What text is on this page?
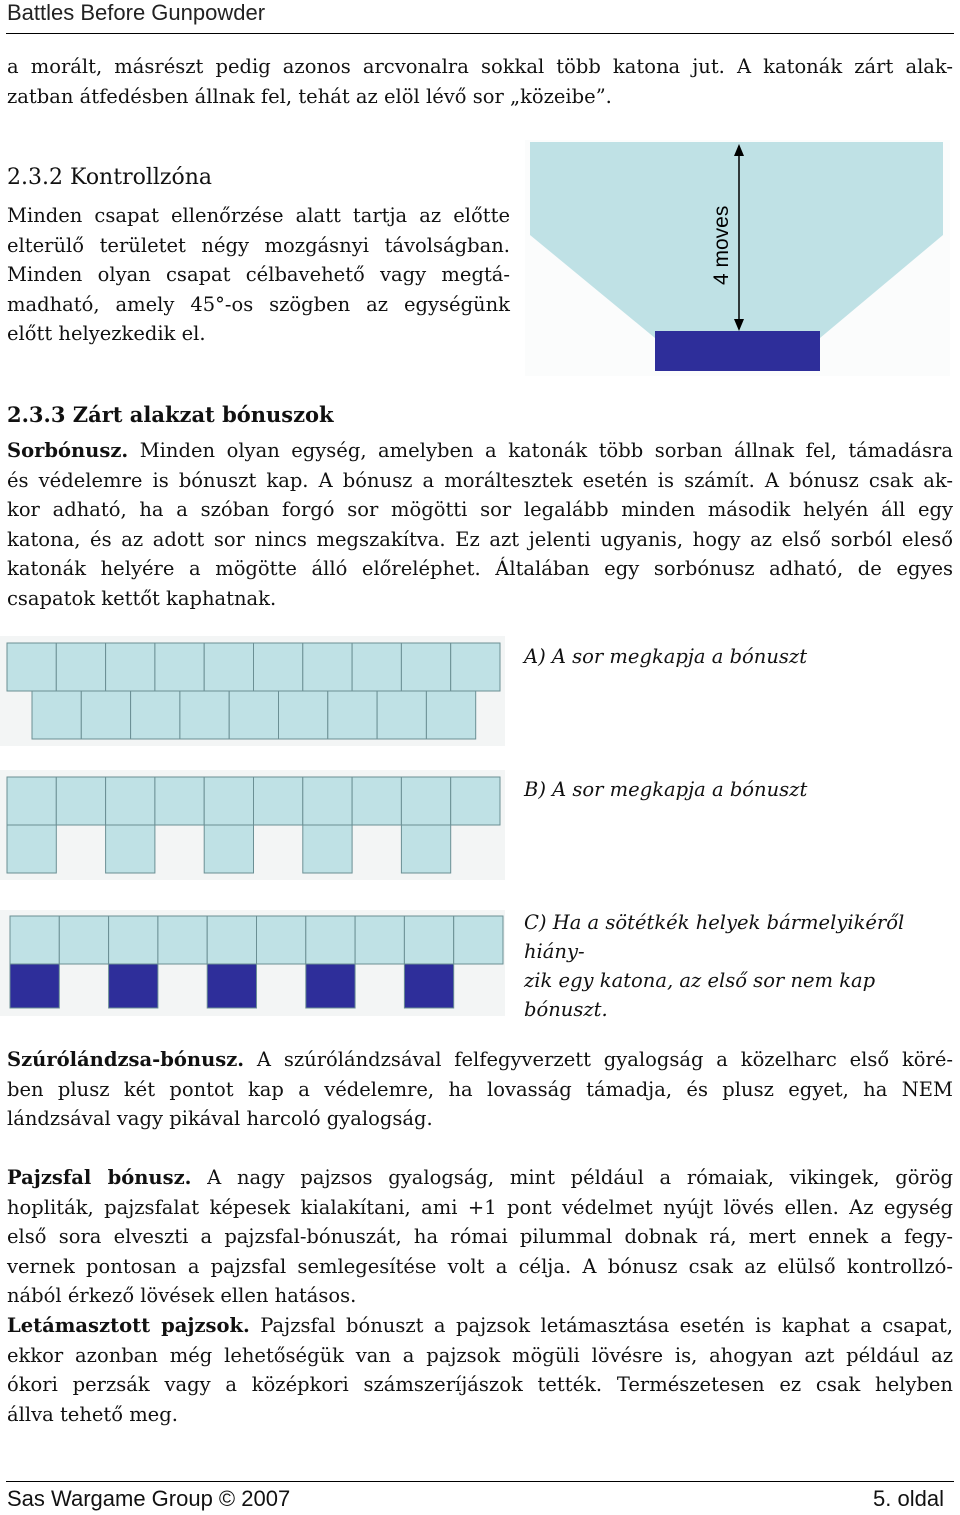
Battles Before Gunpowder

a morált, másrészt pedig azonos arcvonalra sokkal több katona jut. A katonák zárt alak-

zatban átfedésben állnak fel, tehát az elöl lévő sor „közeibe”.

2.3.2 Kontrollzóna

Minden csapat ellenőrzése alatt tartja az előtte

elterülő területet négy mozgásnyi távolságban.

Minden olyan csapat célbavehető vagy megtá-

madható, amely 45°-os szögben az egységünk

előtt helyezkedik el.

4 moves
2.3.3 Zárt alakzat bónuszok

Sorbónusz. Minden olyan egység, amelyben a katonák több sorban állnak fel, támadásra

és védelemre is bónuszt kap. A bónusz a moráltesztek esetén is számít. A bónusz csak ak-

kor adható, ha a szóban forgó sor mögötti sor legalább minden második helyén áll egy

katona, és az adott sor nincs megszakítva. Ez azt jelenti ugyanis, hogy az első sorból eleső

katonák helyére a mögötte álló előreléphet. Általában egy sorbónusz adható, de egyes

csapatok kettőt kaphatnak.

A) A sor megkapja a bónuszt
B) A sor megkapja a bónuszt
C) Ha a sötétkék helyek bármelyikéről hiány-
zik egy katona, az első sor nem kap bónuszt.

Szúrólándzsa-bónusz. A szúrólándzsával felfegyverzett gyalogság a közelharc első köré-

ben plusz két pontot kap a védelemre, ha lovasság támadja, és plusz egyet, ha NEM

lándzsával vagy pikával harcoló gyalogság.

Pajzsfal bónusz. A nagy pajzsos gyalogság, mint például a rómaiak, vikingek, görög

hopliták, pajzsfalat képesek kialakítani, ami +1 pont védelmet nyújt lövés ellen. Az egység

első sora elveszti a pajzsfal-bónuszát, ha római pilummal dobnak rá, mert ennek a fegy-

vernek pontosan a pajzsfal semlegesítése volt a célja. A bónusz csak az elülső kontrollzó-

nából érkező lövések ellen hatásos.

Letámasztott pajzsok. Pajzsfal bónuszt a pajzsok letámasztása esetén is kaphat a csapat,

ekkor azonban még lehetőségük van a pajzsok mögüli lövésre is, ahogyan azt például az

ókori perzsák vagy a középkori számszeríjászok tették. Természetesen ez csak helyben

állva tehető meg.

Sas Wargame Group © 2007	5. oldal
